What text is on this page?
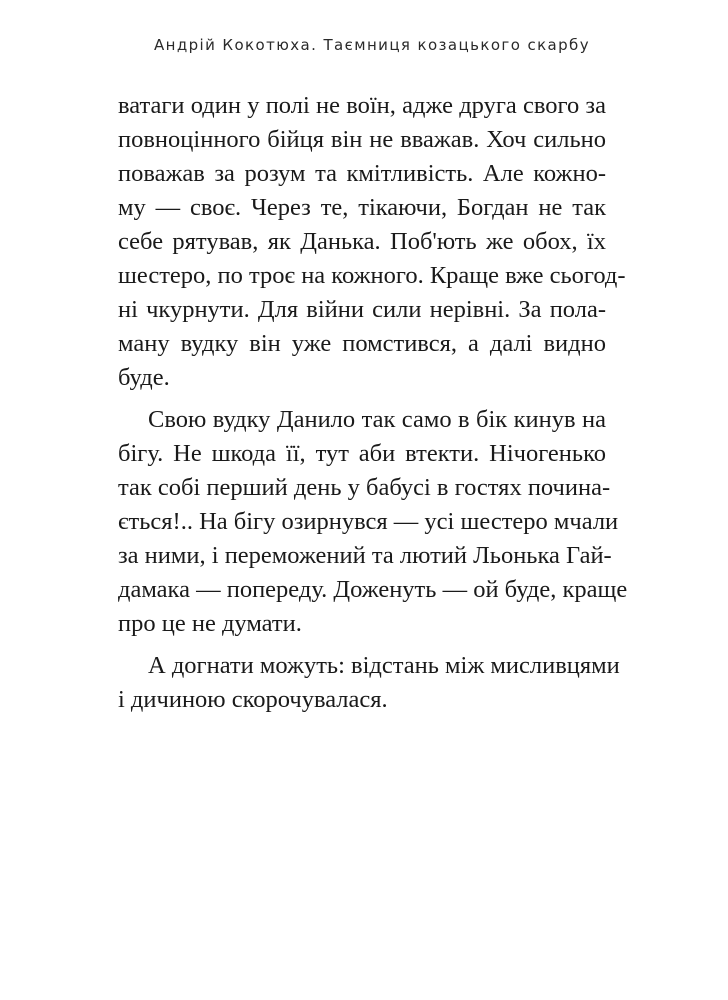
Андрій Кокотюха. Таємниця козацького скарбу
ватаги один у полі не воїн, адже друга свого за
повноцінного бійця він не вважав. Хоч сильно
поважав за розум та кмітливість. Але кожно-
му — своє. Через те, тікаючи, Богдан не так
себе рятував, як Данька. Поб'ють же обох, їх
шестеро, по троє на кожного. Краще вже сьогод-
ні чкурнути. Для війни сили нерівні. За пола-
ману вудку він уже помстився, а далі видно
буде.
Свою вудку Данило так само в бік кинув на
бігу. Не шкода її, тут аби втекти. Нічогенько
так собі перший день у бабусі в гостях почина-
ється!.. На бігу озирнувся — усі шестеро мчали
за ними, і переможений та лютий Льонька Гай-
дамака — попереду. Доженуть — ой буде, краще
про це не думати.
А догнати можуть: відстань між мисливцями
і дичиною скорочувалася.
